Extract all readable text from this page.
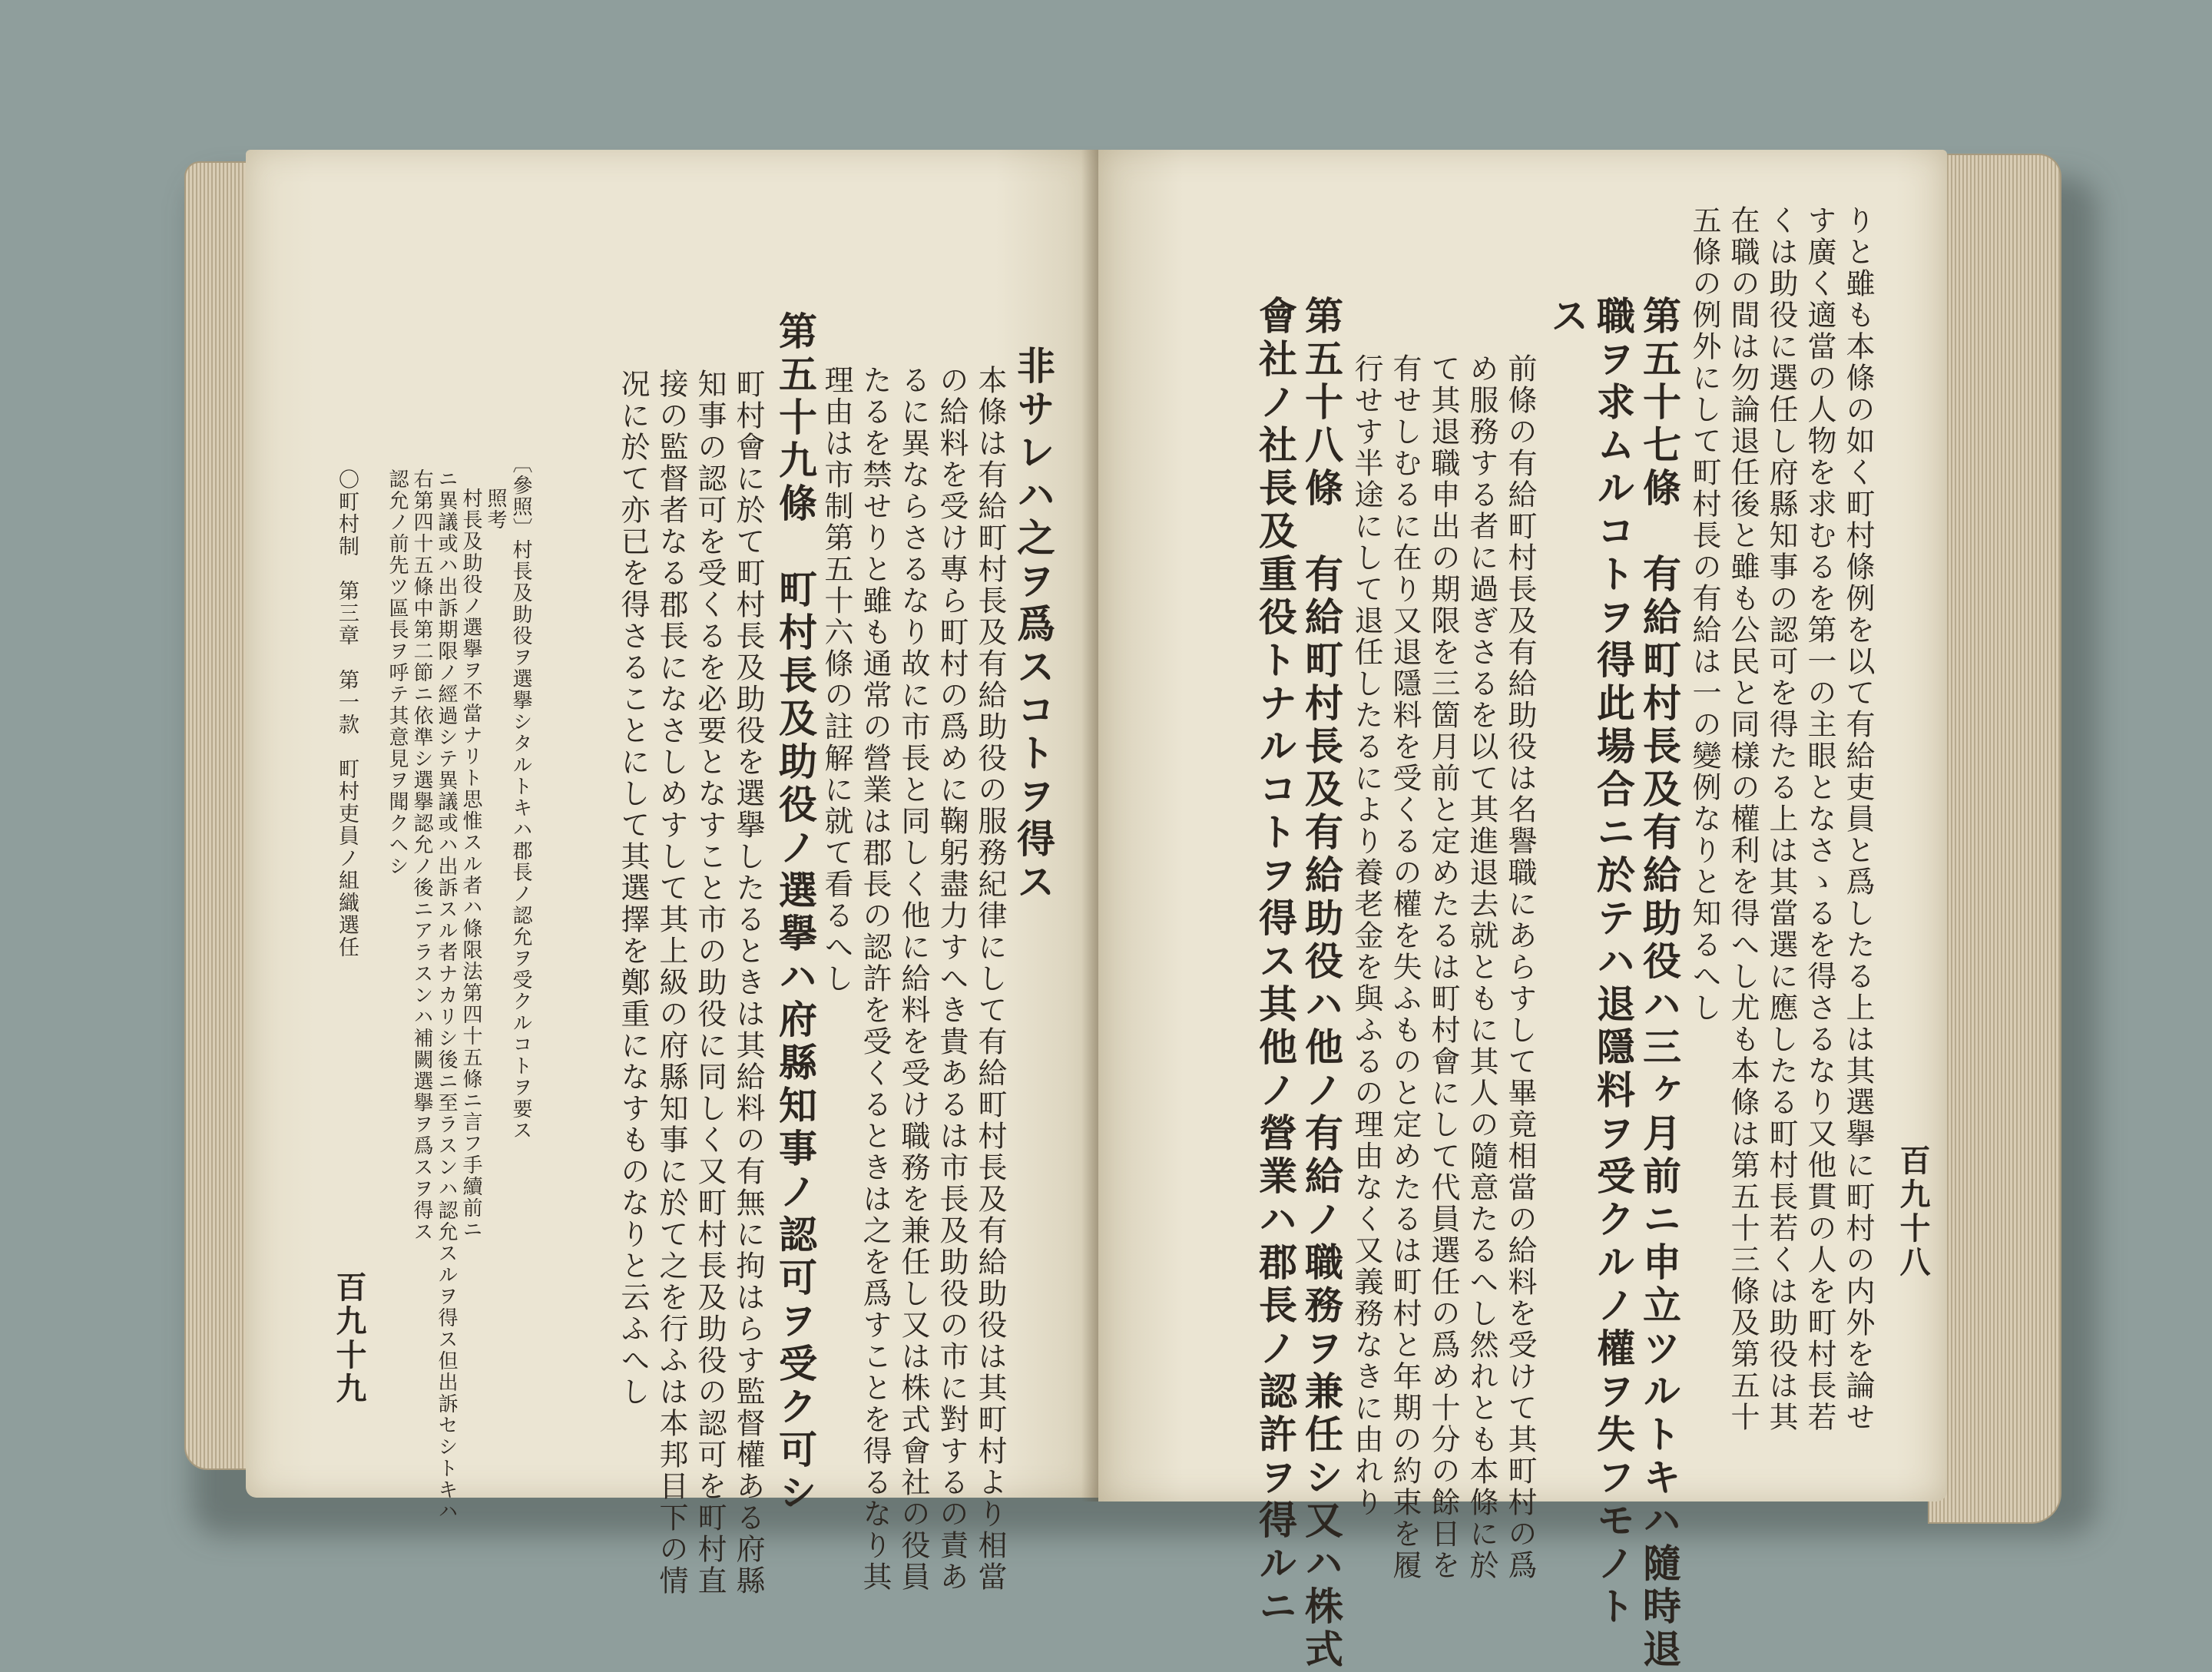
非サレハ之ヲ爲スコトヲ得ス
本條は有給町村長及有給助役の服務紀律にして有給町村長及有給助役は其町村より相當
の給料を受け專ら町村の爲めに鞠躬盡力すへき貴あるは市長及助役の市に對するの責あ
るに異ならさるなり故に市長と同しく他に給料を受け職務を兼任し又は株式會社の役員
たるを禁せりと雖も通常の營業は郡長の認許を受くるときは之を爲すことを得るなり其
理由は市制第五十六條の註解に就て看るへし
第五十九條　町村長及助役ノ選擧ハ府縣知事ノ認可ヲ受ク可シ
町村會に於て町村長及助役を選擧したるときは其給料の有無に拘はらす監督權ある府縣
知事の認可を受くるを必要となすこと市の助役に同しく又町村長及助役の認可を町村直
接の監督者なる郡長になさしめすして其上級の府縣知事に於て之を行ふは本邦目下の情
况に於て亦已を得さることにして其選擇を鄭重になすものなりと云ふへし
〔參照〕村長及助役ヲ選擧シタルトキハ郡長ノ認允ヲ受クルコトヲ要ス
照考
村長及助役ノ選擧ヲ不當ナリト思惟スル者ハ條限法第四十五條ニ言フ手續前ニ
ニ異議或ハ出訴期限ノ經過シテ異議或ハ出訴スル者ナカリシ後ニ至ラスンハ認允スルヲ得ス但出訴セシトキハ
右第四十五條中第二節ニ依準シ選擧認允ノ後ニアラスンハ補闕選擧ヲ爲スヲ得ス
認允ノ前先ツ區長ヲ呼テ其意見ヲ聞クヘシ
〇町村制　第三章　第一款　町村吏員ノ組織選任
百九十九
百九十八
りと雖も本條の如く町村條例を以て有給吏員と爲したる上は其選擧に町村の内外を論せ
す廣く適當の人物を求むるを第一の主眼となさゝるを得さるなり又他貫の人を町村長若
くは助役に選任し府縣知事の認可を得たる上は其當選に應したる町村長若くは助役は其
在職の間は勿論退任後と雖も公民と同樣の權利を得へし尤も本條は第五十三條及第五十
五條の例外にして町村長の有給は一の變例なりと知るへし
第五十七條　有給町村長及有給助役ハ三ヶ月前ニ申立ツルトキハ隨時退
職ヲ求ムルコトヲ得此場合ニ於テハ退隱料ヲ受クルノ權ヲ失フモノト
ス
前條の有給町村長及有給助役は名譽職にあらすして畢竟相當の給料を受けて其町村の爲
め服務する者に過ぎさるを以て其進退去就ともに其人の隨意たるへし然れとも本條に於
て其退職申出の期限を三箇月前と定めたるは町村會にして代員選任の爲め十分の餘日を
有せしむるに在り又退隱料を受くるの權を失ふものと定めたるは町村と年期の約束を履
行せす半途にして退任したるにより養老金を與ふるの理由なく又義務なきに由れり
第五十八條　有給町村長及有給助役ハ他ノ有給ノ職務ヲ兼任シ又ハ株式
會社ノ社長及重役トナルコトヲ得ス其他ノ營業ハ郡長ノ認許ヲ得ルニ
